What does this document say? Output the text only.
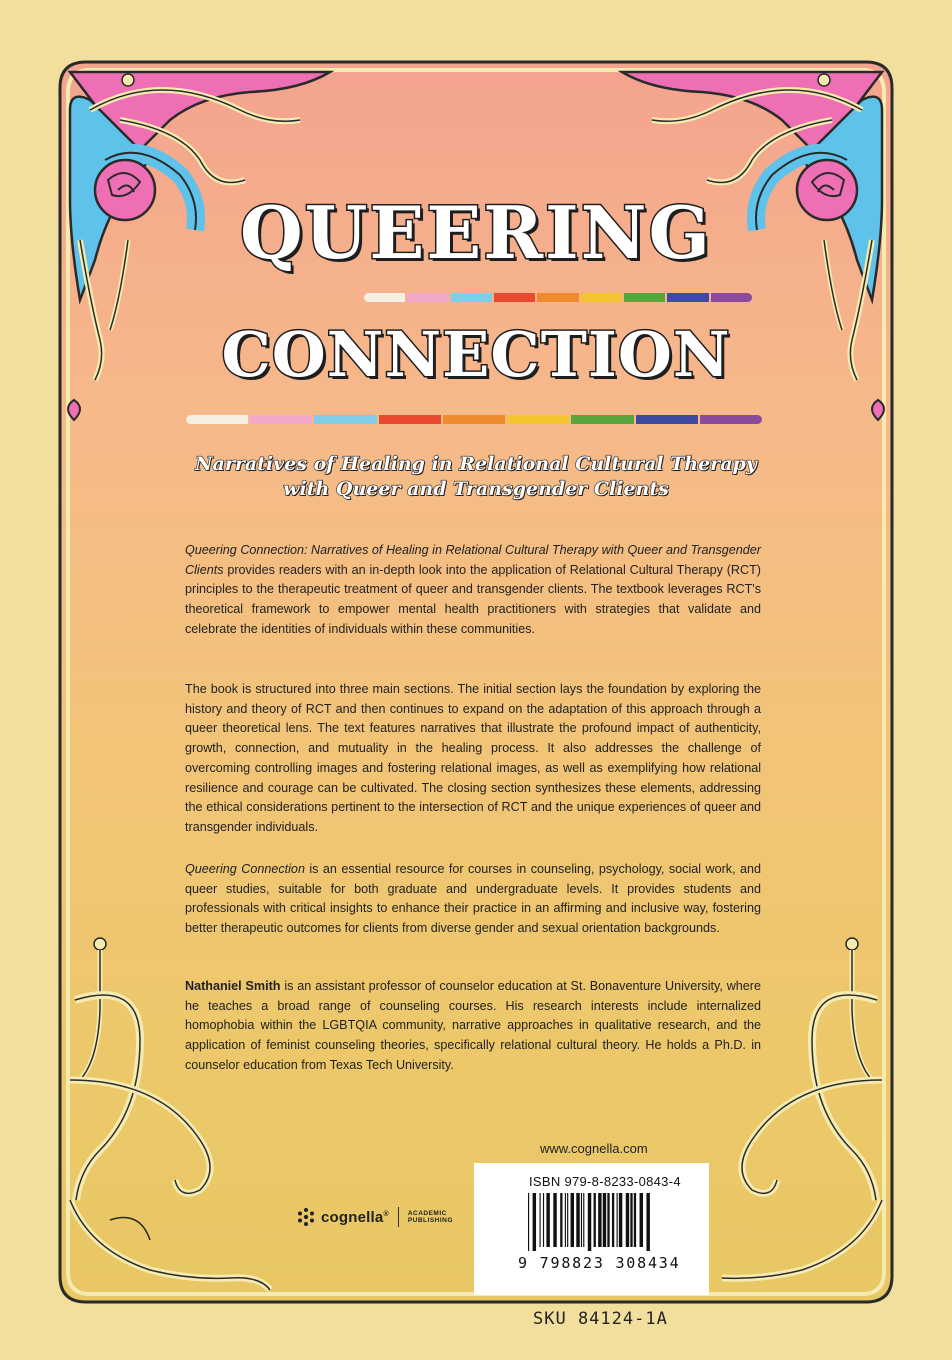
QUEERING
CONNECTION
Narratives of Healing in Relational Cultural Therapy
with Queer and Transgender Clients
Queering Connection: Narratives of Healing in Relational Cultural Therapy with Queer and Transgender Clients provides readers with an in-depth look into the application of Relational Cultural Therapy (RCT) principles to the therapeutic treatment of queer and transgender clients. The textbook leverages RCT's theoretical framework to empower mental health practitioners with strategies that validate and celebrate the identities of individuals within these communities.
The book is structured into three main sections. The initial section lays the foundation by exploring the history and theory of RCT and then continues to expand on the adaptation of this approach through a queer theoretical lens. The text features narratives that illustrate the profound impact of authenticity, growth, connection, and mutuality in the healing process. It also addresses the challenge of overcoming controlling images and fostering relational images, as well as exemplifying how relational resilience and courage can be cultivated. The closing section synthesizes these elements, addressing the ethical considerations pertinent to the intersection of RCT and the unique experiences of queer and transgender individuals.
Queering Connection is an essential resource for courses in counseling, psychology, social work, and queer studies, suitable for both graduate and undergraduate levels. It provides students and professionals with critical insights to enhance their practice in an affirming and inclusive way, fostering better therapeutic outcomes for clients from diverse gender and sexual orientation backgrounds.
Nathaniel Smith is an assistant professor of counselor education at St. Bonaventure University, where he teaches a broad range of counseling courses. His research interests include internalized homophobia within the LGBTQIA community, narrative approaches in qualitative research, and the application of feminist counseling theories, specifically relational cultural theory. He holds a Ph.D. in counselor education from Texas Tech University.
www.cognella.com
cognella®	ACADEMIC
PUBLISHING
ISBN 979-8-8233-0843-4
9 798823 308434
SKU 84124-1A
